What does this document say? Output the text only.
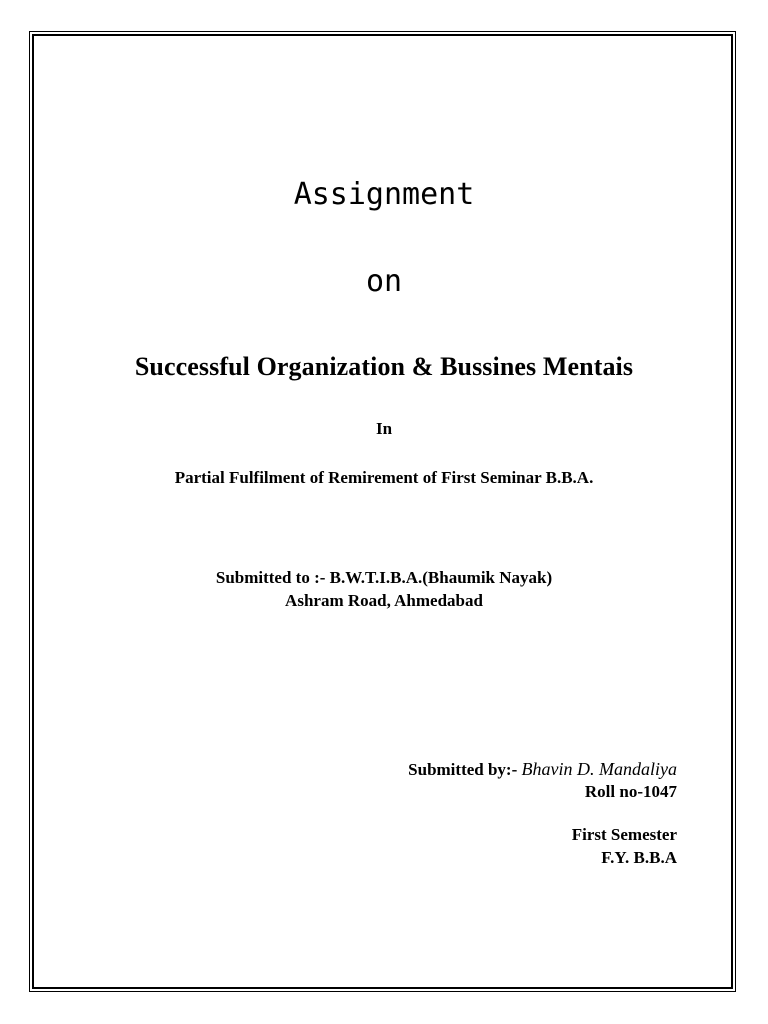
Assignment
on
Successful Organization & Bussines Mentais
In
Partial Fulfilment of Remirement of First Seminar B.B.A.
Submitted to :- B.W.T.I.B.A.(Bhaumik Nayak)
Ashram Road, Ahmedabad
Submitted by:- Bhavin D. Mandaliya
Roll no-1047
First Semester
F.Y. B.B.A
